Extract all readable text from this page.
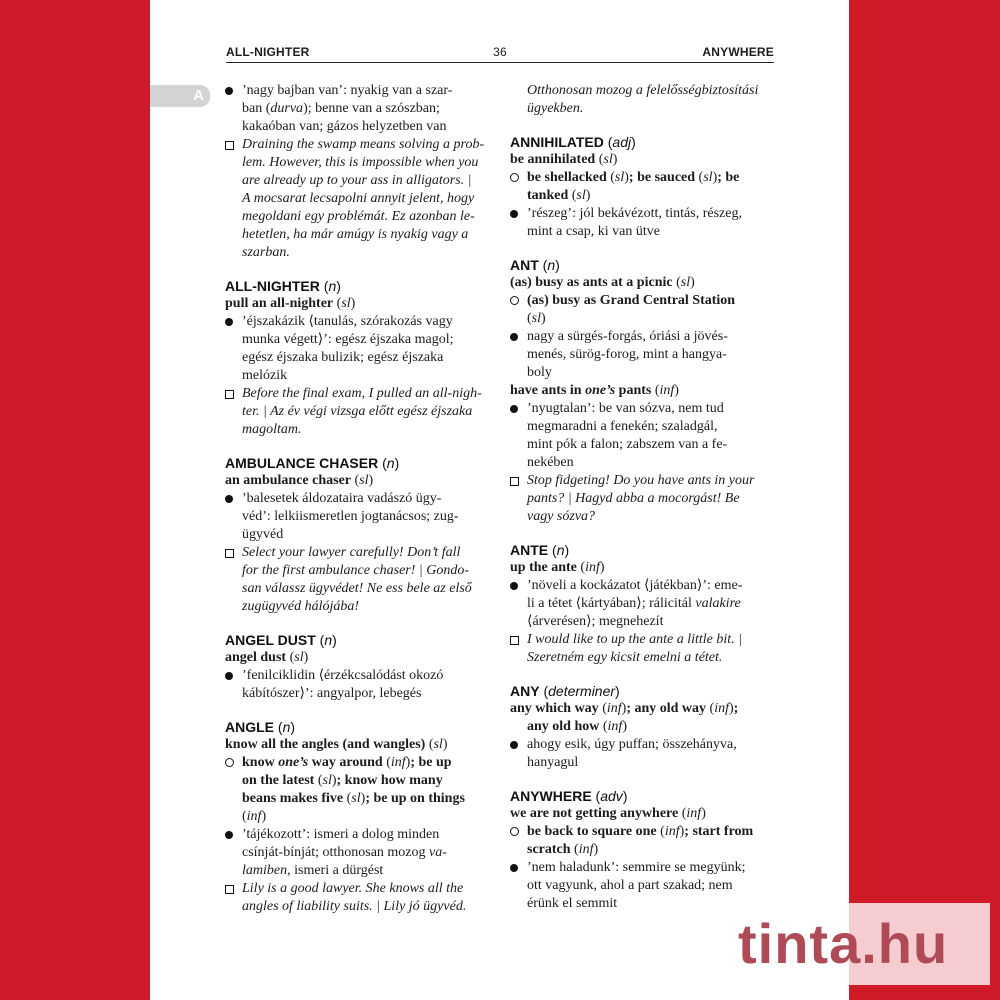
ALL-NIGHTER	36	ANYWHERE
A	’nagy bajban van’: nyakig van a szar-
ban (durva); benne van a szószban;
kakaóban van; gázos helyzetben van
Draining the swamp means solving a prob-
lem. However, this is impossible when you
are already up to your ass in alligators. |
A mocsarat lecsapolni annyit jelent, hogy
megoldani egy problémát. Ez azonban le-
hetetlen, ha már amúgy is nyakig vagy a
szarban.
ALL-NIGHTER (n)
pull an all-nighter (sl)
’éjszakázik ⟨tanulás, szórakozás vagy
munka végett⟩’: egész éjszaka magol;
egész éjszaka bulizik; egész éjszaka
melózik
Before the final exam, I pulled an all-nigh-
ter. | Az év végi vizsga előtt egész éjszaka
magoltam.
AMBULANCE CHASER (n)
an ambulance chaser (sl)
’balesetek áldozataira vadászó ügy-
véd’: lelkiismeretlen jogtanácsos; zug-
ügyvéd
Select your lawyer carefully! Don’t fall
for the first ambulance chaser! | Gondo-
san válassz ügyvédet! Ne ess bele az első
zugügyvéd hálójába!
ANGEL DUST (n)
angel dust (sl)
’fenilciklidin ⟨érzékcsalódást okozó
kábítószer⟩’: angyalpor, lebegés
ANGLE (n)
know all the angles (and wangles) (sl)
know one’s way around (inf); be up
on the latest (sl); know how many
beans makes five (sl); be up on things
(inf)
’tájékozott’: ismeri a dolog minden
csínját-bínját; otthonosan mozog va-
lamiben, ismeri a dürgést
Lily is a good lawyer. She knows all the
angles of liability suits. | Lily jó ügyvéd.
Otthonosan mozog a felelősségbiztosítási
ügyekben.
ANNIHILATED (adj)
be annihilated (sl)
be shellacked (sl); be sauced (sl); be
tanked (sl)
’részeg’: jól bekávézott, tintás, részeg,
mint a csap, ki van ütve
ANT (n)
(as) busy as ants at a picnic (sl)
(as) busy as Grand Central Station
(sl)
nagy a sürgés-forgás, óriási a jövés-
menés, sürög-forog, mint a hangya-
boly
have ants in one’s pants (inf)
’nyugtalan’: be van sózva, nem tud
megmaradni a fenekén; szaladgál,
mint pók a falon; zabszem van a fe-
nekében
Stop fidgeting! Do you have ants in your
pants? | Hagyd abba a mocorgást! Be
vagy sózva?
ANTE (n)
up the ante (inf)
’növeli a kockázatot ⟨játékban⟩’: eme-
li a tétet ⟨kártyában⟩; rálicitál valakire
⟨árverésen⟩; megnehezít
I would like to up the ante a little bit. |
Szeretném egy kicsit emelni a tétet.
ANY (determiner)
any which way (inf); any old way (inf);
any old how (inf)
ahogy esik, úgy puffan; összehányva,
hanyagul
ANYWHERE (adv)
we are not getting anywhere (inf)
be back to square one (inf); start from
scratch (inf)
’nem haladunk’: semmire se megyünk;
ott vagyunk, ahol a part szakad; nem
érünk el semmit
tinta.hu
